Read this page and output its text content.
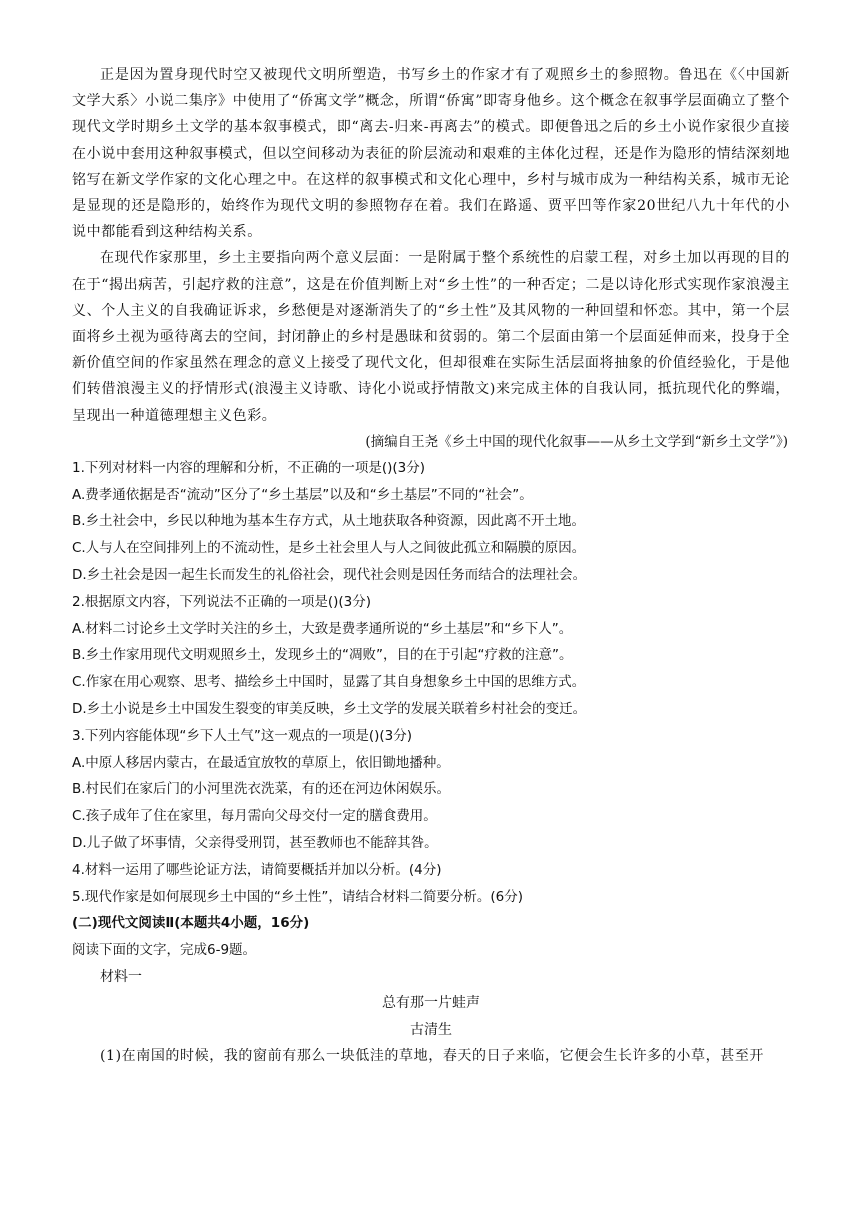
正是因为置身现代时空又被现代文明所塑造，书写乡土的作家才有了观照乡土的参照物。鲁迅在《〈中国新文学大系〉小说二集序》中使用了“侨寓文学”概念，所谓“侨寓”即寄身他乡。这个概念在叙事学层面确立了整个现代文学时期乡土文学的基本叙事模式，即“离去-归来-再离去”的模式。即便鲁迅之后的乡土小说作家很少直接在小说中套用这种叙事模式，但以空间移动为表征的阶层流动和艰难的主体化过程，还是作为隐形的情结深刻地铭写在新文学作家的文化心理之中。在这样的叙事模式和文化心理中，乡村与城市成为一种结构关系，城市无论是显现的还是隐形的，始终作为现代文明的参照物存在着。我们在路遥、贾平凹等作家20世纪八九十年代的小说中都能看到这种结构关系。

在现代作家那里，乡土主要指向两个意义层面：一是附属于整个系统性的启蒙工程，对乡土加以再现的目的在于“揭出病苦，引起疗救的注意”，这是在价值判断上对“乡土性”的一种否定；二是以诗化形式实现作家浪漫主义、个人主义的自我确证诉求，乡愁便是对逐渐消失了的“乡土性”及其风物的一种回望和怀恋。其中，第一个层面将乡土视为亟待离去的空间，封闭静止的乡村是愚昧和贫弱的。第二个层面由第一个层面延伸而来，投身于全新价值空间的作家虽然在理念的意义上接受了现代文化，但却很难在实际生活层面将抽象的价值经验化，于是他们转借浪漫主义的抒情形式(浪漫主义诗歌、诗化小说或抒情散文)来完成主体的自我认同，抵抗现代化的弊端，呈现出一种道德理想主义色彩。

(摘编自王尧《乡土中国的现代化叙事——从乡土文学到“新乡土文学”》)

1.下列对材料一内容的理解和分析，不正确的一项是()(3分)

A.费孝通依据是否“流动”区分了“乡土基层”以及和“乡土基层”不同的“社会”。

B.乡土社会中，乡民以种地为基本生存方式，从土地获取各种资源，因此离不开土地。

C.人与人在空间排列上的不流动性，是乡土社会里人与人之间彼此孤立和隔膜的原因。

D.乡土社会是因一起生长而发生的礼俗社会，现代社会则是因任务而结合的法理社会。

2.根据原文内容，下列说法不正确的一项是()(3分)

A.材料二讨论乡土文学时关注的乡土，大致是费孝通所说的“乡土基层”和“乡下人”。

B.乡土作家用现代文明观照乡土，发现乡土的“凋败”，目的在于引起“疗救的注意”。

C.作家在用心观察、思考、描绘乡土中国时，显露了其自身想象乡土中国的思维方式。

D.乡土小说是乡土中国发生裂变的审美反映，乡土文学的发展关联着乡村社会的变迁。

3.下列内容能体现“乡下人土气”这一观点的一项是()(3分)

A.中原人移居内蒙古，在最适宜放牧的草原上，依旧锄地播种。

B.村民们在家后门的小河里洗衣洗菜，有的还在河边休闲娱乐。

C.孩子成年了住在家里，每月需向父母交付一定的膳食费用。

D.儿子做了坏事情，父亲得受刑罚，甚至教师也不能辞其咎。

4.材料一运用了哪些论证方法，请简要概括并加以分析。(4分)

5.现代作家是如何展现乡土中国的“乡土性”，请结合材料二简要分析。(6分)

(二)现代文阅读Ⅱ(本题共4小题，16分)

阅读下面的文字，完成6-9题。

材料一

总有那一片蛙声

古清生

(1)在南国的时候，我的窗前有那么一块低洼的草地，春天的日子来临，它便会生长许多的小草，甚至开
